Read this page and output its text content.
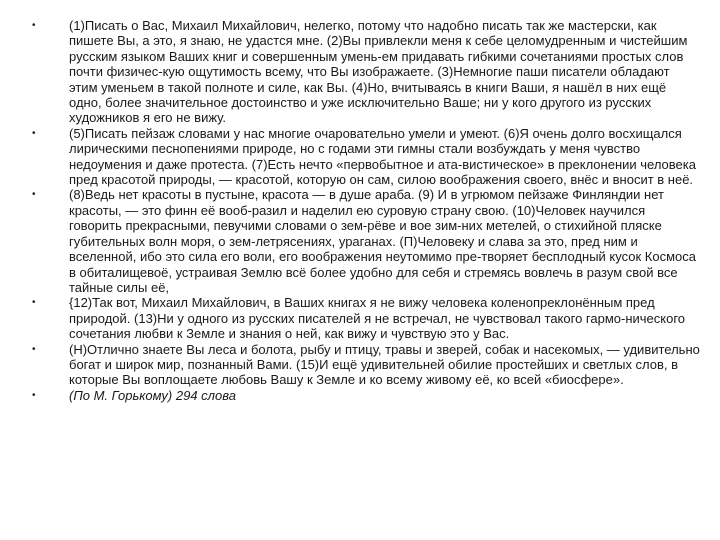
•	(1)Писать о Вас, Михаил Михайлович, нелегко, потому что надобно писать так же мастерски, как пишете Вы, а это, я знаю, не удастся мне. (2)Вы привлекли меня к себе целомудренным и чистейшим русским языком Ваших книг и совершенным умень-ем придавать гибкими сочетаниями простых слов почти физичес-кую ощутимость всему, что Вы изображаете. (3)Немногие паши писатели обладают этим уменьем в такой полноте и силе, как Вы. (4)Но, вчитываясь в книги Ваши, я нашёл в них ещё одно, более значительное достоинство и уже исключительно Ваше; ни у кого другого из русских художников я его не вижу.
•	(5)Писать пейзаж словами у нас многие очаровательно умели и умеют. (6)Я очень долго восхищался лирическими песнопениями природе, но с годами эти гимны стали возбуждать у меня чувство недоумения и даже протеста. (7)Есть нечто «первобытное и ата-вистическое» в преклонении человека пред красотой природы, — красотой, которую он сам, силою воображения своего, внёс и вносит в неё.
•	(8)Ведь нет красоты в пустыне, красота — в душе араба. (9) И в угрюмом пейзаже Финляндии нет красоты, — это финн её вооб-разил и наделил ею суровую страну свою. (10)Человек научился говорить прекрасными, певучими словами о зем-рёве и вое зим-них метелей, о стихийной пляске губительных волн моря, о зем-летрясениях, ураганах. (П)Человеку и слава за это, пред ним и вселенной, ибо это сила его воли, его воображения неутомимо пре-творяет бесплодный кусок Космоса в обиталищевоё, устраивая Землю всё более удобно для себя и стремясь вовлечь в разум свой все тайные силы её,
•	{12)Так вот, Михаил Михайлович, в Ваших книгах я не вижу человека коленопреклонённым пред природой. (13)Ни у одного из русских писателей я не встречал, не чувствовал такого гармо-нического сочетания любви к Земле и знания о ней, как вижу и чувствую это у Вас.
•	(Н)Отлично знаете Вы леса и болота, рыбу и птицу, травы и зверей, собак и насекомых, — удивительно богат и широк мир, познанный Вами. (15)И ещё удивительней обилие простейших и светлых слов, в которые Вы воплощаете любовь Вашу к Земле и ко всему живому её, ко всей «биосфере».
•	(По М. Горькому) 294 слова
